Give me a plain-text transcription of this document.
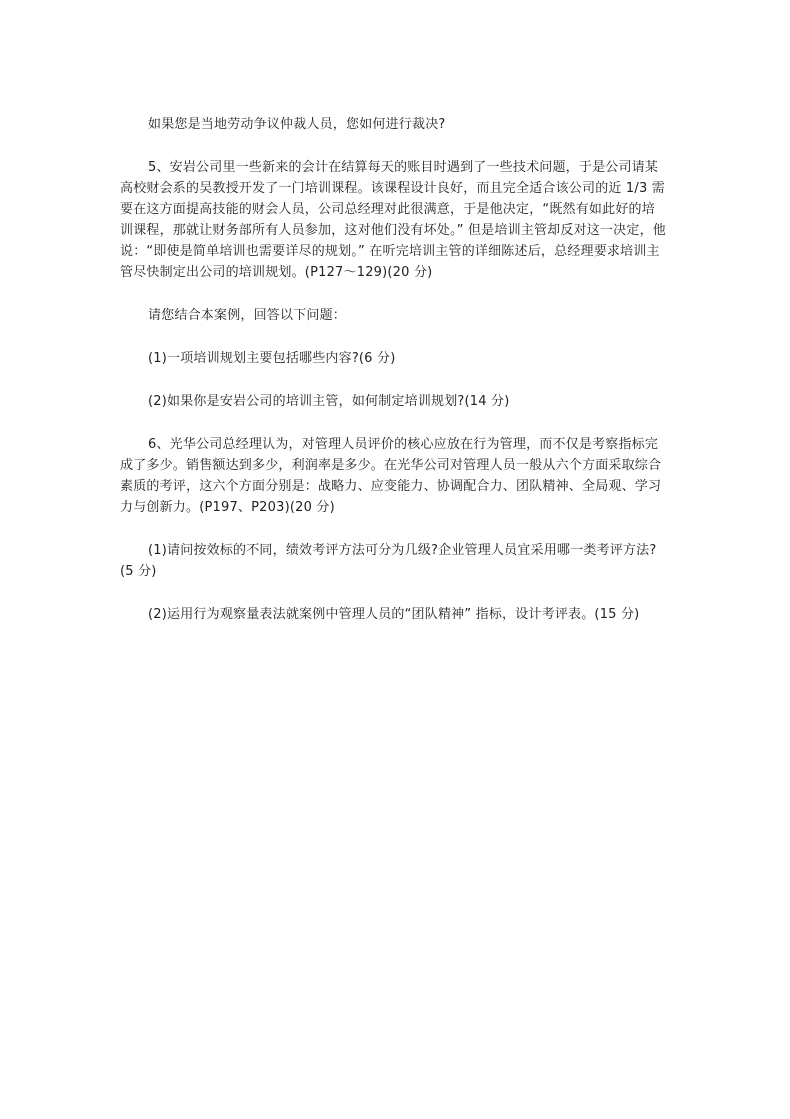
如果您是当地劳动争议仲裁人员，您如何进行裁决?

5、安岩公司里一些新来的会计在结算每天的账目时遇到了一些技术问题，于是公司请某高校财会系的吴教授开发了一门培训课程。该课程设计良好，而且完全适合该公司的近 1/3 需要在这方面提高技能的财会人员，公司总经理对此很满意，于是他决定，“既然有如此好的培训课程，那就让财务部所有人员参加，这对他们没有坏处。” 但是培训主管却反对这一决定，他说：“即使是简单培训也需要详尽的规划。” 在听完培训主管的详细陈述后，总经理要求培训主管尽快制定出公司的培训规划。(P127～129)(20 分)

请您结合本案例，回答以下问题：

(1)一项培训规划主要包括哪些内容?(6 分)

(2)如果你是安岩公司的培训主管，如何制定培训规划?(14 分)

6、光华公司总经理认为，对管理人员评价的核心应放在行为管理，而不仅是考察指标完成了多少。销售额达到多少，利润率是多少。在光华公司对管理人员一般从六个方面采取综合素质的考评，这六个方面分别是：战略力、应变能力、协调配合力、团队精神、全局观、学习力与创新力。(P197、P203)(20 分)

(1)请问按效标的不同，绩效考评方法可分为几级?企业管理人员宜采用哪一类考评方法?(5 分)

(2)运用行为观察量表法就案例中管理人员的“团队精神” 指标，设计考评表。(15 分)
